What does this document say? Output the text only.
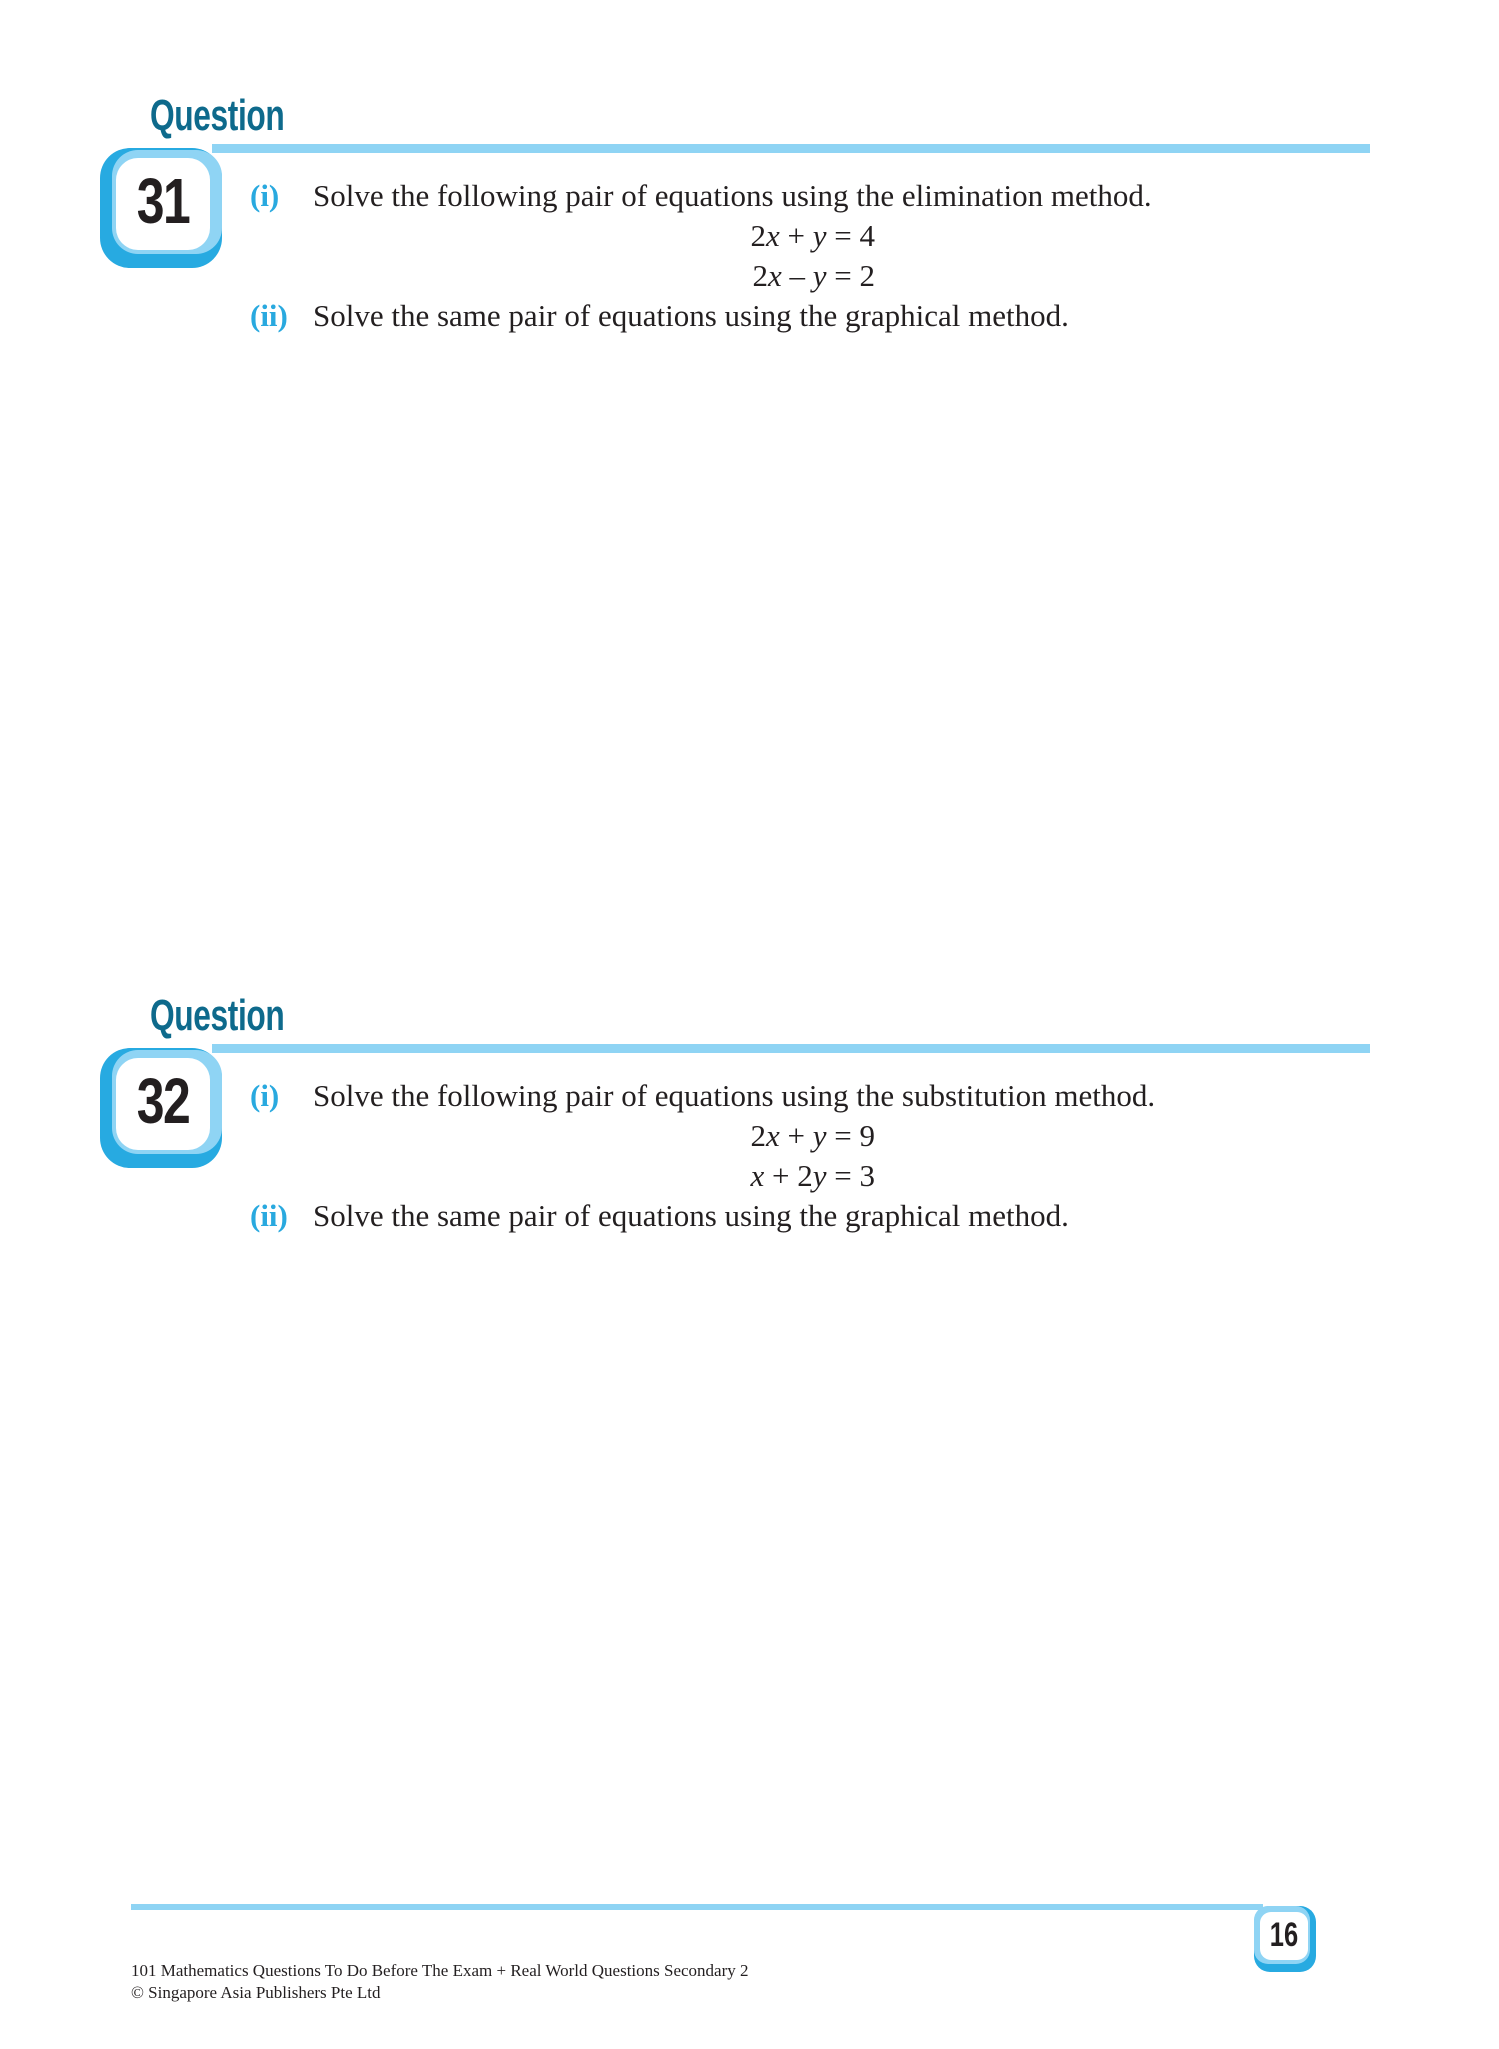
Question
31	(i) Solve the following pair of equations using the elimination method.
2x + y = 4
2x – y = 2
(ii) Solve the same pair of equations using the graphical method.
Question
32	(i) Solve the following pair of equations using the substitution method.
2x + y = 9
x + 2y = 3
(ii) Solve the same pair of equations using the graphical method.
101 Mathematics Questions To Do Before The Exam + Real World Questions Secondary 2
© Singapore Asia Publishers Pte Ltd
16
